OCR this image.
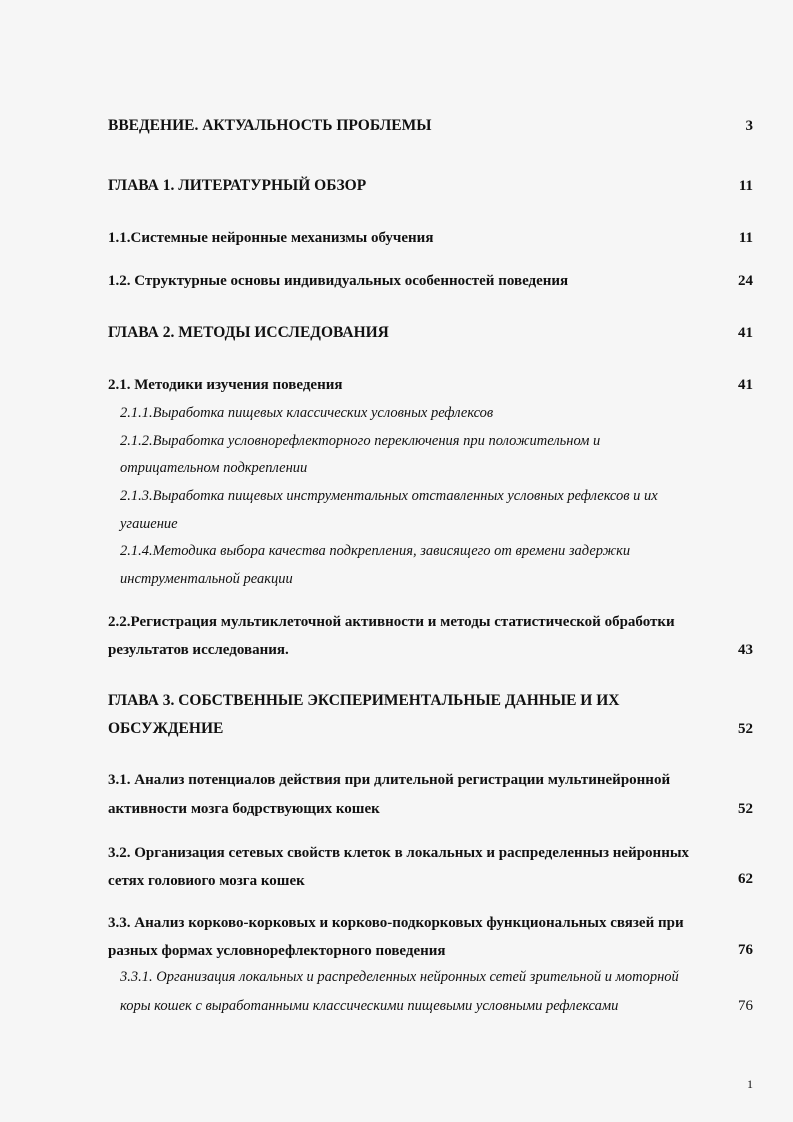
ВВЕДЕНИЕ. АКТУАЛЬНОСТЬ ПРОБЛЕМЫ	3
ГЛАВА 1. ЛИТЕРАТУРНЫЙ ОБЗОР	11
1.1.Системные нейронные механизмы обучения	11
1.2. Структурные основы индивидуальных особенностей поведения	24
ГЛАВА 2. МЕТОДЫ ИССЛЕДОВАНИЯ	41
2.1. Методики изучения поведения	41
2.1.1.Выработка пищевых классических условных рефлексов
2.1.2.Выработка условнорефлекторного переключения при положительном и
отрицательном подкреплении
2.1.3.Выработка пищевых инструментальных отставленных условных рефлексов и их
угашение
2.1.4.Методика выбора качества подкрепления, зависящего от времени задержки
инструментальной реакции
2.2.Регистрация мультиклеточной активности и методы статистической обработки
результатов исследования.	43
ГЛАВА 3. СОБСТВЕННЫЕ ЭКСПЕРИМЕНТАЛЬНЫЕ ДАННЫЕ И ИХ
ОБСУЖДЕНИЕ	52
3.1. Анализ потенциалов действия при длительной регистрации мультинейронной
активности мозга бодрствующих кошек	52
3.2. Организация сетевых свойств клеток в локальных и распределенныз нейронных
сетях головиого мозга кошек	62
3.3. Анализ корково-корковых и корково-подкорковых функциональных связей при
разных формах условнорефлекторного поведения	76
3.3.1. Организация локальных и распределенных нейронных сетей зрительной и моторной
коры кошек с выработанными классическими пищевыми условными рефлексами	76
1
